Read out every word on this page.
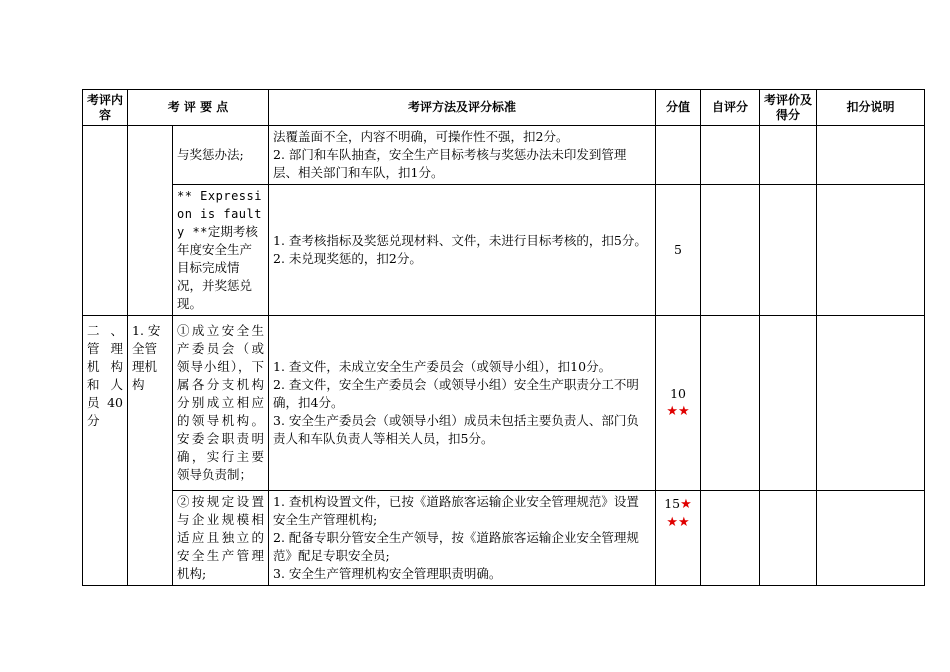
考评内容	考 评 要 点		考评方法及评分标准	分值	自评分	考评价及得分	扣分说明
		与奖惩办法;	法覆盖面不全，内容不明确，可操作性不强，扣2分。
2. 部门和车队抽查，安全生产目标考核与奖惩办法未印发到管理层、相关部门和车队，扣1分。				

		** Expression is faulty **定期考核年度安全生产目标完成情况，并奖惩兑现。	1. 查考核指标及奖惩兑现材料、文件，未进行目标考核的，扣5分。
2. 未兑现奖惩的，扣2分。	5			
二、管理机构和人员 40分	1. 安全管理机构	①成立安全生产委员会（或领导小组），下属各分支机构分别成立相应的领导机构。安委会职责明确，实行主要领导负责制；	1. 查文件，未成立安全生产委员会（或领导小组），扣10分。
2. 查文件，安全生产委员会（或领导小组）安全生产职责分工不明确，扣4分。
3. 安全生产委员会（或领导小组）成员未包括主要负责人、部门负责人和车队负责人等相关人员，扣5分。	10
★★			

		②按规定设置与企业规模相适应且独立的安全生产管理机构;	1. 查机构设置文件，已按《道路旅客运输企业安全管理规范》设置安全生产管理机构;
2. 配备专职分管安全生产领导，按《道路旅客运输企业安全管理规范》配足专职安全员;
3. 安全生产管理机构安全管理职责明确。	15★
★★			
